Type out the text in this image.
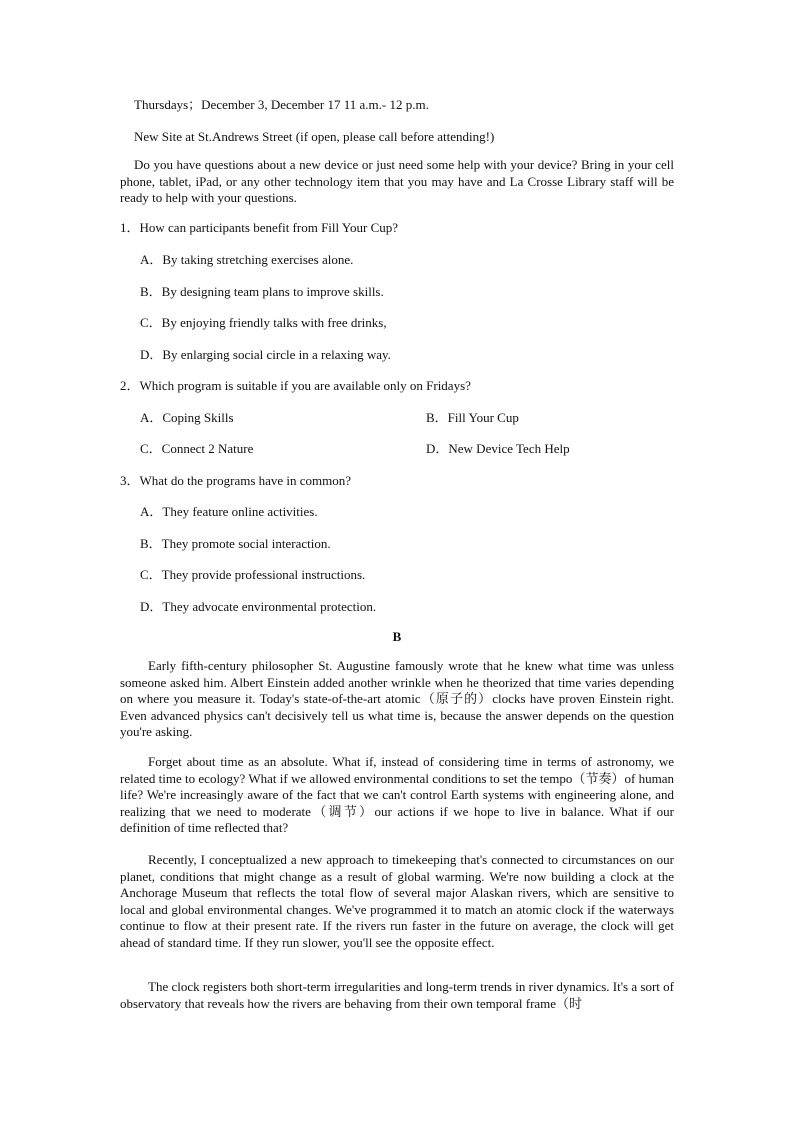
Thursdays；December 3, December 17 11 a.m.- 12 p.m.
New Site at St.Andrews Street (if open, please call before attending!)
Do you have questions about a new device or just need some help with your device? Bring in your cell phone, tablet, iPad, or any other technology item that you may have and La Crosse Library staff will be ready to help with your questions.
1．How can participants benefit from Fill Your Cup?
A．By taking stretching exercises alone.
B．By designing team plans to improve skills.
C．By enjoying friendly talks with free drinks,
D．By enlarging social circle in a relaxing way.
2．Which program is suitable if you are available only on Fridays?
A．Coping Skills	B．Fill Your Cup
C．Connect 2 Nature	D．New Device Tech Help
3．What do the programs have in common?
A．They feature online activities.
B．They promote social interaction.
C．They provide professional instructions.
D．They advocate environmental protection.
B
Early fifth-century philosopher St. Augustine famously wrote that he knew what time was unless someone asked him. Albert Einstein added another wrinkle when he theorized that time varies depending on where you measure it. Today's state-of-the-art atomic（原子的）clocks have proven Einstein right. Even advanced physics can't decisively tell us what time is, because the answer depends on the question you're asking.
Forget about time as an absolute. What if, instead of considering time in terms of astronomy, we related time to ecology? What if we allowed environmental conditions to set the tempo（节奏）of human life? We're increasingly aware of the fact that we can't control Earth systems with engineering alone, and realizing that we need to moderate（调节）our actions if we hope to live in balance. What if our definition of time reflected that?
Recently, I conceptualized a new approach to timekeeping that's connected to circumstances on our planet, conditions that might change as a result of global warming. We're now building a clock at the Anchorage Museum that reflects the total flow of several major Alaskan rivers, which are sensitive to local and global environmental changes. We've programmed it to match an atomic clock if the waterways continue to flow at their present rate. If the rivers run faster in the future on average, the clock will get ahead of standard time. If they run slower, you'll see the opposite effect.
The clock registers both short-term irregularities and long-term trends in river dynamics. It's a sort of observatory that reveals how the rivers are behaving from their own temporal frame（时
